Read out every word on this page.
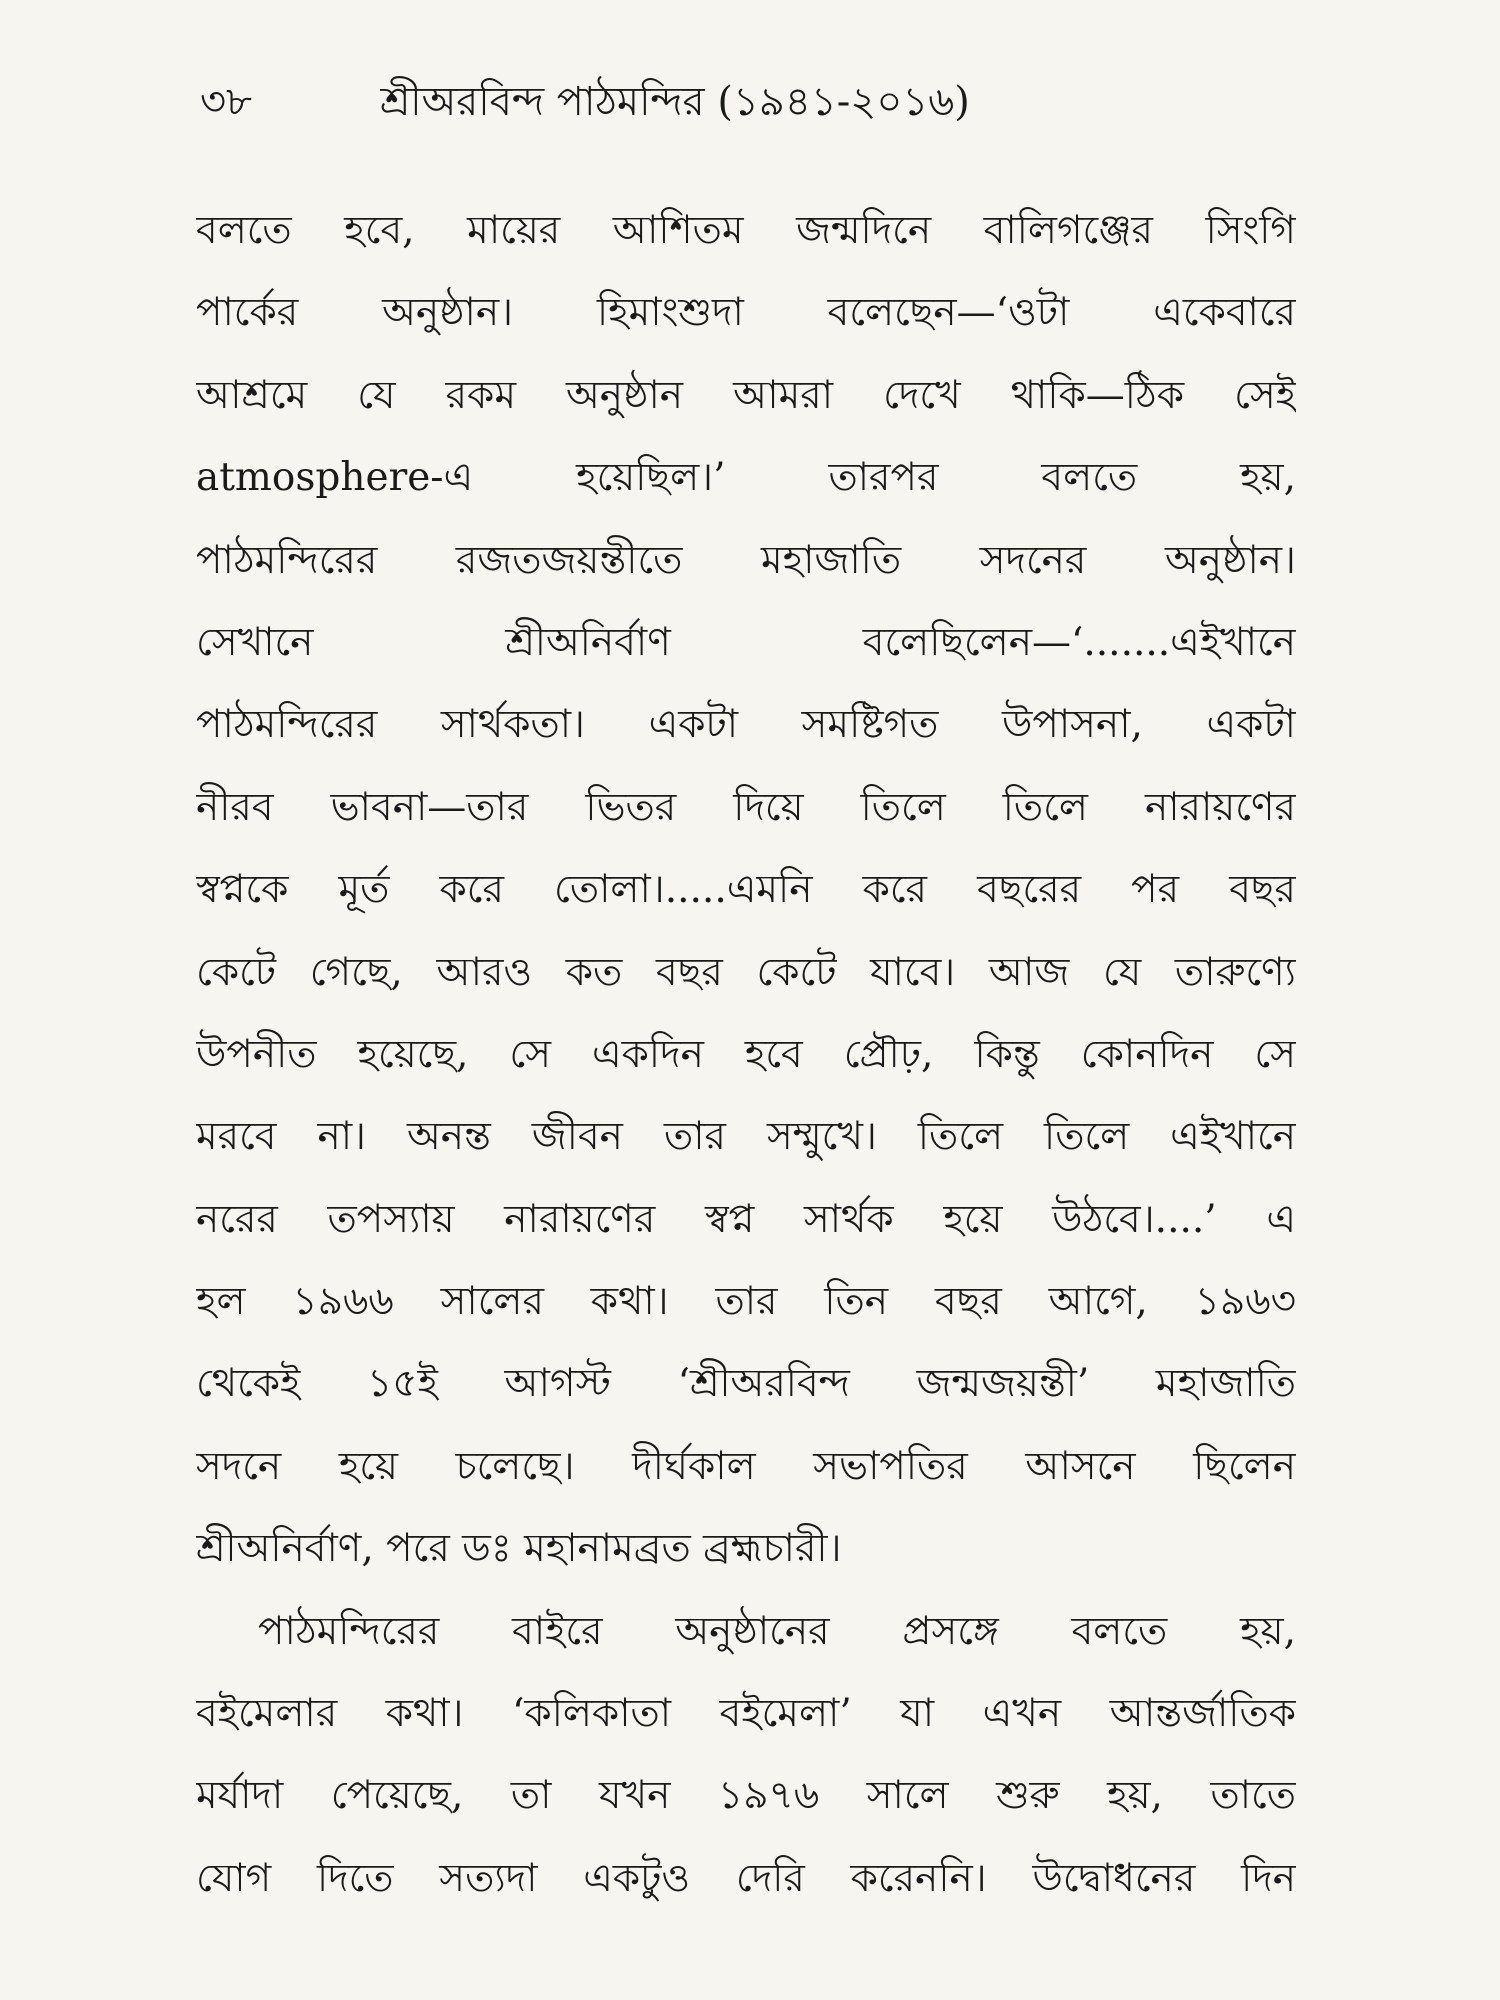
৩৮	শ্রীঅরবিন্দ পাঠমন্দির (১৯৪১-২০১৬)
বলতে হবে, মায়ের আশিতম জন্মদিনে বালিগঞ্জের সিংগি
পার্কের অনুষ্ঠান। হিমাংশুদা বলেছেন—‘ওটা একেবারে
আশ্রমে যে রকম অনুষ্ঠান আমরা দেখে থাকি—ঠিক সেই
atmosphere-এ হয়েছিল।’ তারপর বলতে হয়,
পাঠমন্দিরের রজতজয়ন্তীতে মহাজাতি সদনের অনুষ্ঠান।
সেখানে শ্রীঅনির্বাণ বলেছিলেন—‘.......এইখানে
পাঠমন্দিরের সার্থকতা। একটা সমষ্টিগত উপাসনা, একটা
নীরব ভাবনা—তার ভিতর দিয়ে তিলে তিলে নারায়ণের
স্বপ্নকে মূর্ত করে তোলা।.....এমনি করে বছরের পর বছর
কেটে গেছে, আরও কত বছর কেটে যাবে। আজ যে তারুণ্যে
উপনীত হয়েছে, সে একদিন হবে প্রৌঢ়, কিন্তু কোনদিন সে
মরবে না। অনন্ত জীবন তার সম্মুখে। তিলে তিলে এইখানে
নরের তপস্যায় নারায়ণের স্বপ্ন সার্থক হয়ে উঠবে।....’ এ
হল ১৯৬৬ সালের কথা। তার তিন বছর আগে, ১৯৬৩
থেকেই ১৫ই আগস্ট ‘শ্রীঅরবিন্দ জন্মজয়ন্তী’ মহাজাতি
সদনে হয়ে চলেছে। দীর্ঘকাল সভাপতির আসনে ছিলেন
শ্রীঅনির্বাণ, পরে ডঃ মহানামব্রত ব্রহ্মচারী।
পাঠমন্দিরের বাইরে অনুষ্ঠানের প্রসঙ্গে বলতে হয়,
বইমেলার কথা। ‘কলিকাতা বইমেলা’ যা এখন আন্তর্জাতিক
মর্যাদা পেয়েছে, তা যখন ১৯৭৬ সালে শুরু হয়, তাতে
যোগ দিতে সত্যদা একটুও দেরি করেননি। উদ্বোধনের দিন
